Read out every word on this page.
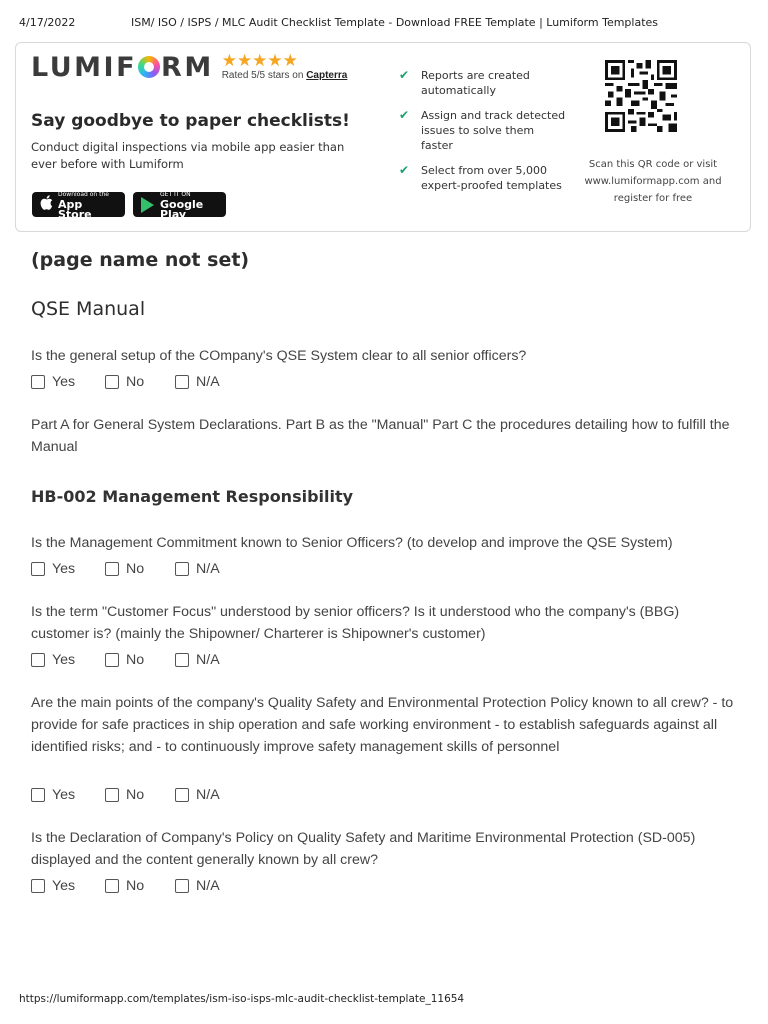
4/17/2022	ISM/ ISO / ISPS / MLC Audit Checklist Template - Download FREE Template | Lumiform Templates
LUMIF RM ★★★★★
Rated 5/5 stars on Capterra
Say goodbye to paper checklists!
Conduct digital inspections via mobile app easier than ever before with Lumiform
Download on the
App Store
GET IT ON
Google Play
✔	Reports are created automatically
✔	Assign and track detected issues to solve them faster
✔	Select from over 5,000 expert-proofed templates
Scan this QR code or visit www.lumiformapp.com and register for free
(page name not set)
QSE Manual
Is the general setup of the COmpany's QSE System clear to all senior officers?
Yes	No	N/A
Part A for General System Declarations. Part B as the "Manual" Part C the procedures detailing how to fulfill the Manual
HB-002 Management Responsibility
Is the Management Commitment known to Senior Officers? (to develop and improve the QSE System)
Yes	No	N/A
Is the term "Customer Focus" understood by senior officers? Is it understood who the company's (BBG) customer is? (mainly the Shipowner/ Charterer is Shipowner's customer)
Yes	No	N/A
Are the main points of the company's Quality Safety and Environmental Protection Policy known to all crew? - to provide for safe practices in ship operation and safe working environment - to establish safeguards against all identified risks; and - to continuously improve safety management skills of personnel
Yes	No	N/A
Is the Declaration of Company's Policy on Quality Safety and Maritime Environmental Protection (SD-005) displayed and the content generally known by all crew?
Yes	No	N/A
https://lumiformapp.com/templates/ism-iso-isps-mlc-audit-checklist-template_11654
